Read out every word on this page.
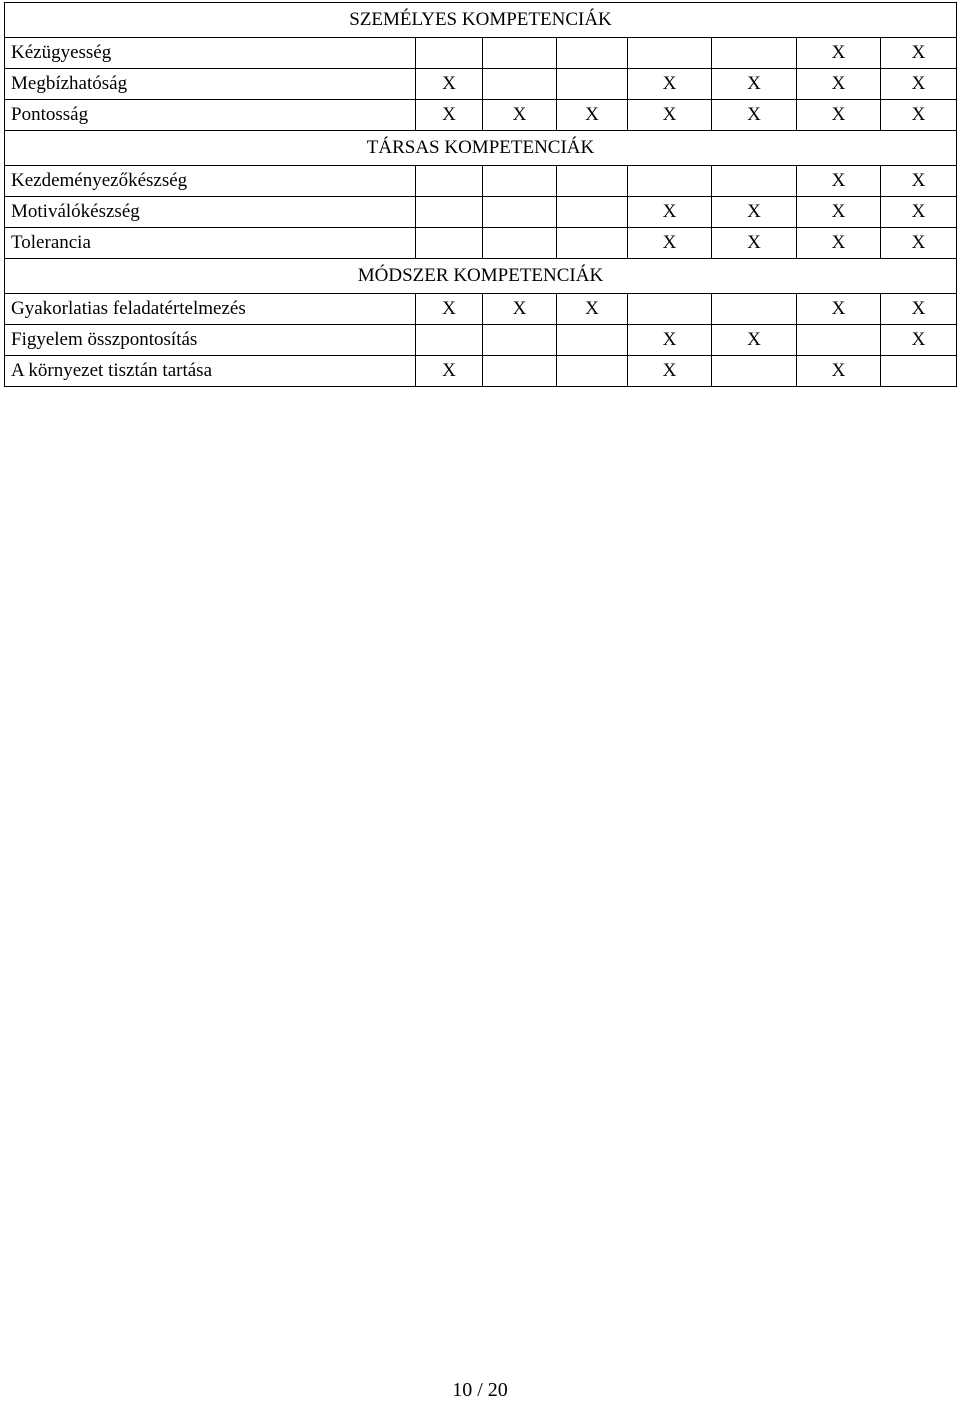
SZEMÉLYES KOMPETENCIÁK							
Kézügyesség						X	X
Megbízhatóság	X			X	X	X	X
Pontosság	X	X	X	X	X	X	X
TÁRSAS KOMPETENCIÁK							
Kezdeményezőkészség						X	X
Motiválókészség				X	X	X	X
Tolerancia				X	X	X	X
MÓDSZER KOMPETENCIÁK							
Gyakorlatias feladatértelmezés	X	X	X			X	X
Figyelem összpontosítás				X	X		X
A környezet tisztán tartása	X			X		X	
10 / 20
